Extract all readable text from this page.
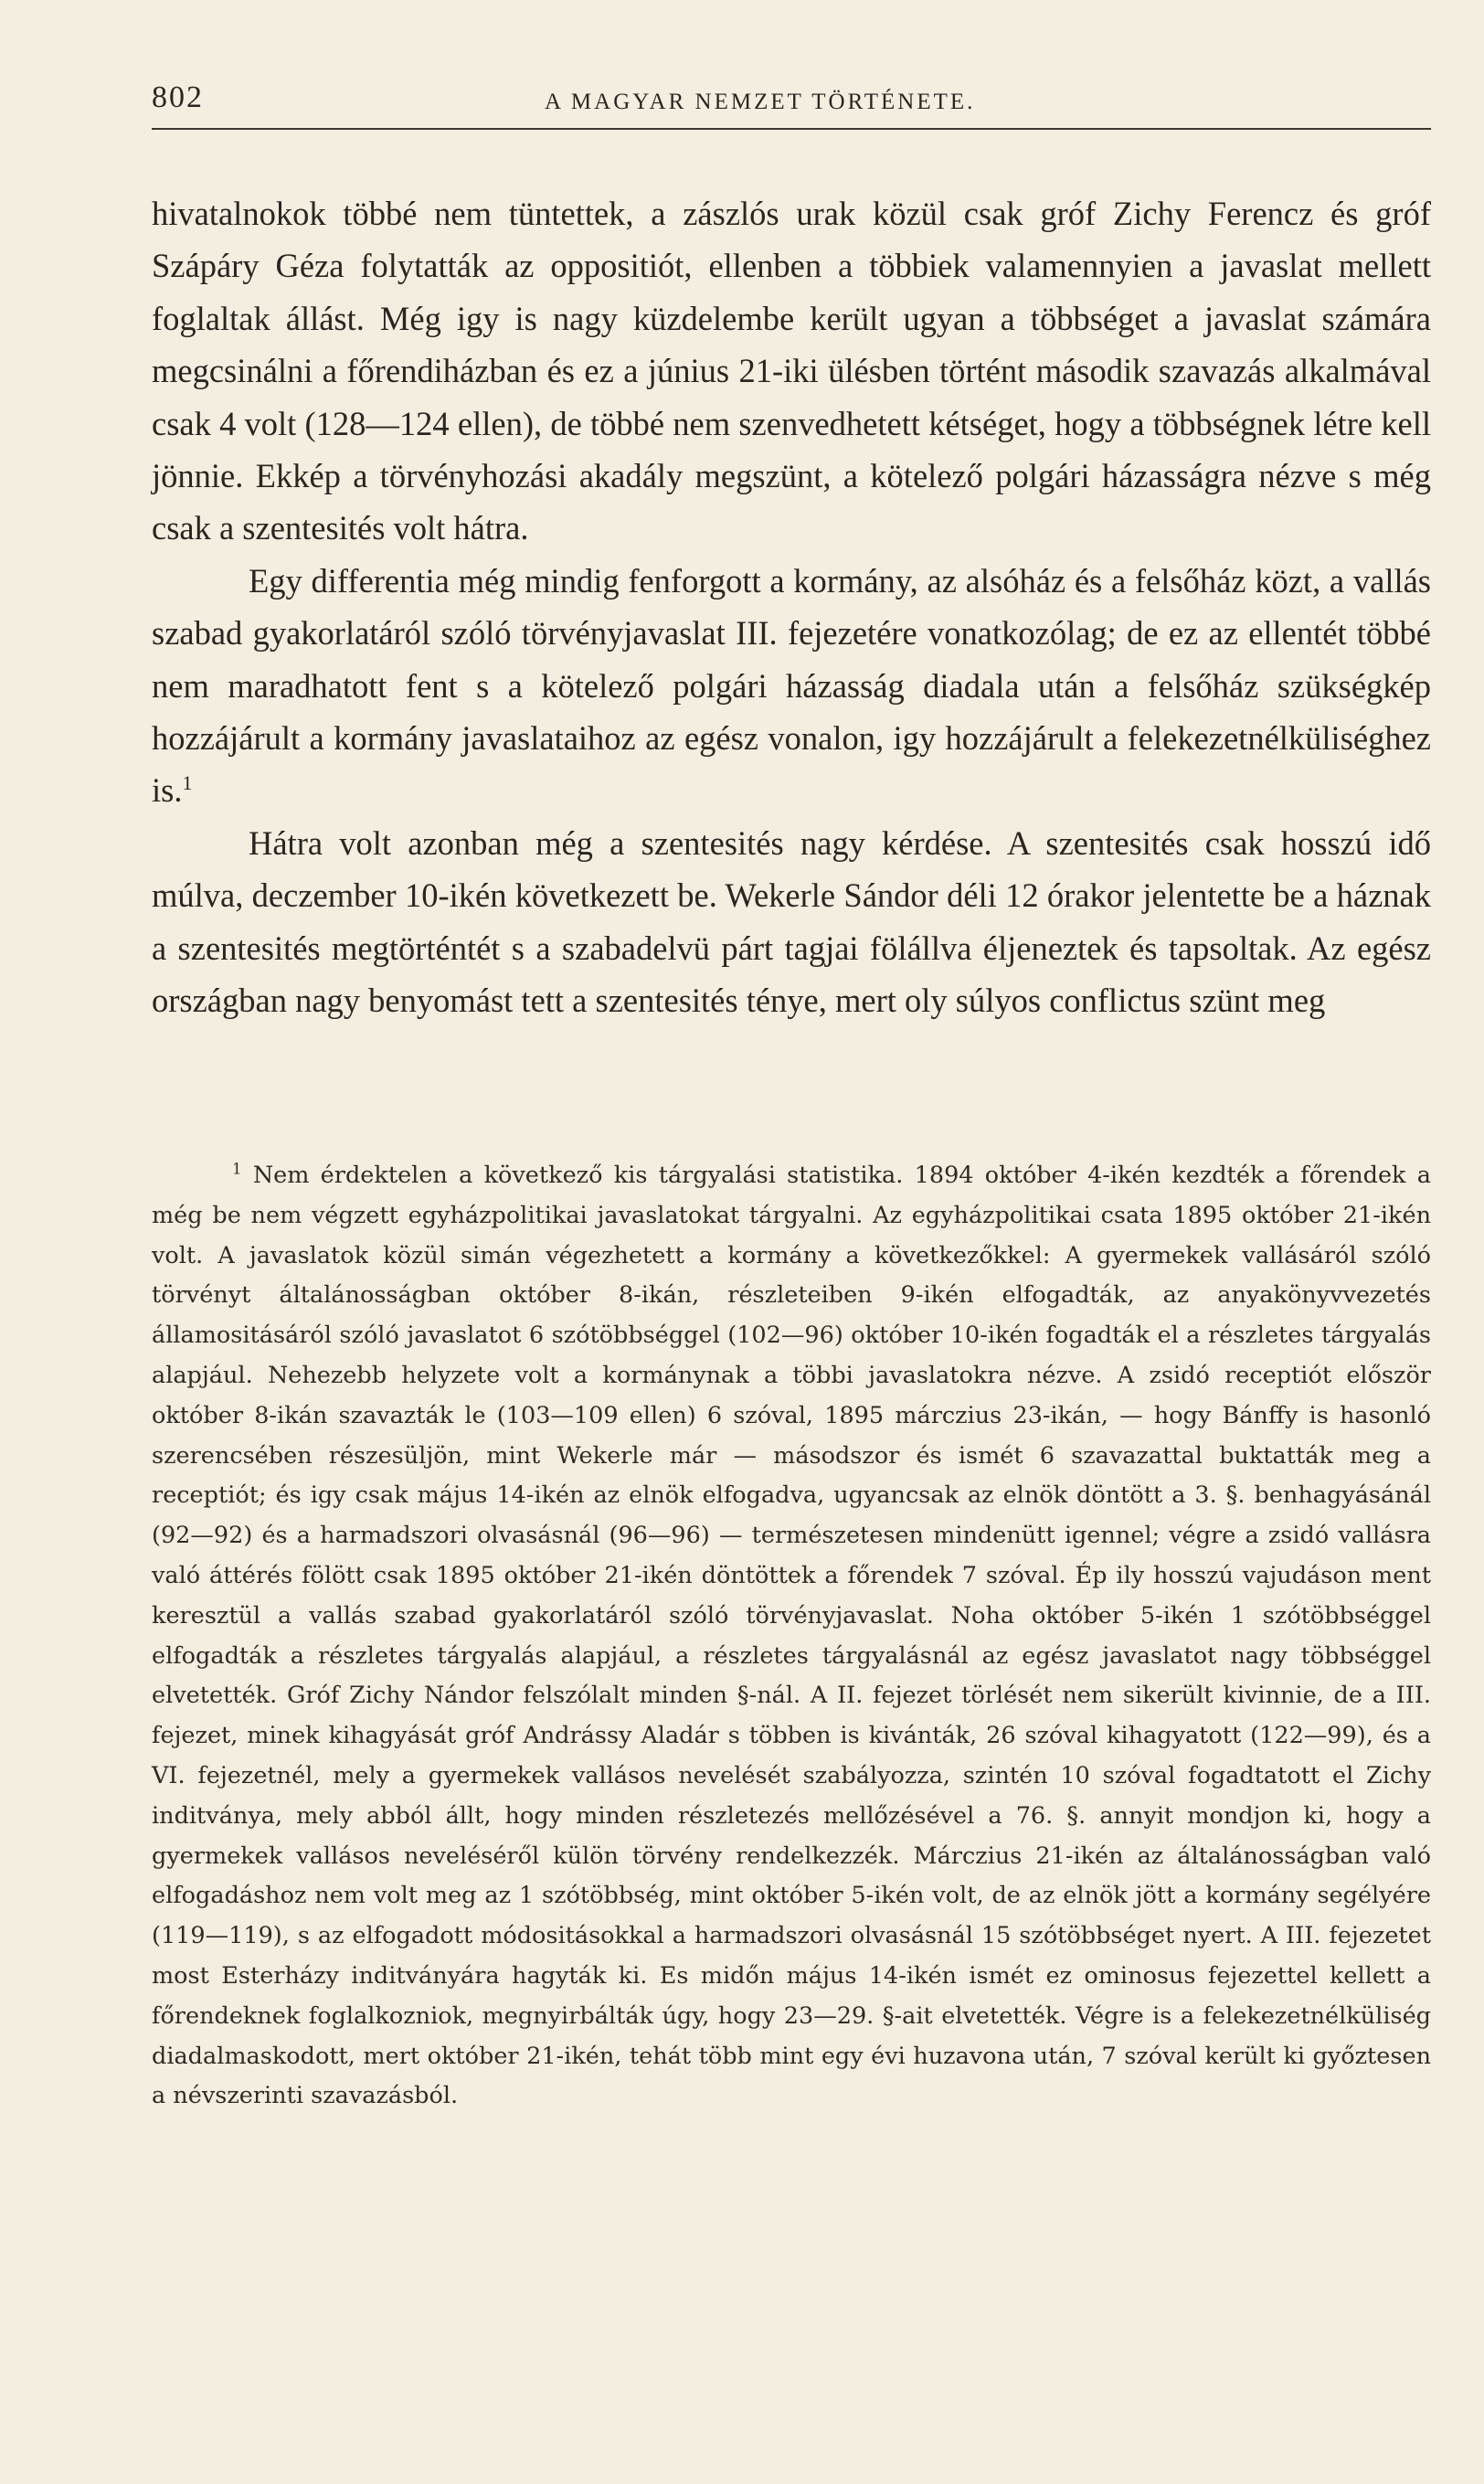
802	A MAGYAR NEMZET TÖRTÉNETE.

hivatalnokok többé nem tüntettek, a zászlós urak közül csak gróf Zichy Ferencz és gróf Szápáry Géza folytatták az oppositiót, ellenben a többiek valamennyien a javaslat mellett foglaltak állást. Még igy is nagy küzdelembe került ugyan a többséget a javaslat számára megcsinálni a főrendiházban és ez a június 21-iki ülésben történt második szavazás alkalmával csak 4 volt (128—124 ellen), de többé nem szenvedhetett kétséget, hogy a többségnek létre kell jönnie. Ekkép a törvényhozási akadály megszünt, a kötelező polgári házasságra nézve s még csak a szentesités volt hátra.

Egy differentia még mindig fenforgott a kormány, az alsóház és a felsőház közt, a vallás szabad gyakorlatáról szóló törvényjavaslat III. fejezetére vonatkozólag; de ez az ellentét többé nem maradhatott fent s a kötelező polgári házasság diadala után a felsőház szükségkép hozzájárult a kormány javaslataihoz az egész vonalon, igy hozzájárult a felekezetnélküliséghez is.$^1$

Hátra volt azonban még a szentesités nagy kérdése. A szentesités csak hosszú idő múlva, deczember 10-ikén következett be. Wekerle Sándor déli 12 órakor jelentette be a háznak a szentesités megtörténtét s a szabadelvü párt tagjai fölállva éljeneztek és tapsoltak. Az egész országban nagy benyomást tett a szentesités ténye, mert oly súlyos conflictus szünt meg

$^1$ Nem érdektelen a következő kis tárgyalási statistika. 1894 október 4-ikén kezdték a főrendek a még be nem végzett egyházpolitikai javaslatokat tárgyalni. Az egyházpolitikai csata 1895 október 21-ikén volt. A javaslatok közül simán végezhetett a kormány a következőkkel: A gyermekek vallásáról szóló törvényt általánosságban október 8-ikán, részleteiben 9-ikén elfogadták, az anyakönyvvezetés államositásáról szóló javaslatot 6 szótöbbséggel (102—96) október 10-ikén fogadták el a részletes tárgyalás alapjául. Nehezebb helyzete volt a kormánynak a többi javaslatokra nézve. A zsidó receptiót először október 8-ikán szavazták le (103—109 ellen) 6 szóval, 1895 márczius 23-ikán, — hogy Bánffy is hasonló szerencsében részesüljön, mint Wekerle már — másodszor és ismét 6 szavazattal buktatták meg a receptiót; és igy csak május 14-ikén az elnök elfogadva, ugyancsak az elnök döntött a 3. §. benhagyásánál (92—92) és a harmadszori olvasásnál (96—96) — természetesen mindenütt igennel; végre a zsidó vallásra való áttérés fölött csak 1895 október 21-ikén döntöttek a főrendek 7 szóval. Ép ily hosszú vajudáson ment keresztül a vallás szabad gyakorlatáról szóló törvényjavaslat. Noha október 5-ikén 1 szótöbbséggel elfogadták a részletes tárgyalás alapjául, a részletes tárgyalásnál az egész javaslatot nagy többséggel elvetették. Gróf Zichy Nándor felszólalt minden §-nál. A II. fejezet törlését nem sikerült kivinnie, de a III. fejezet, minek kihagyását gróf Andrássy Aladár s többen is kivánták, 26 szóval kihagyatott (122—99), és a VI. fejezetnél, mely a gyermekek vallásos nevelését szabályozza, szintén 10 szóval fogadtatott el Zichy inditványa, mely abból állt, hogy minden részletezés mellőzésével a 76. §. annyit mondjon ki, hogy a gyermekek vallásos neveléséről külön törvény rendelkezzék. Márczius 21-ikén az általánosságban való elfogadáshoz nem volt meg az 1 szótöbbség, mint október 5-ikén volt, de az elnök jött a kormány segélyére (119—119), s az elfogadott módositásokkal a harmadszori olvasásnál 15 szótöbbséget nyert. A III. fejezetet most Esterházy inditványára hagyták ki. Es midőn május 14-ikén ismét ez ominosus fejezettel kellett a főrendeknek foglalkozniok, megnyirbálták úgy, hogy 23—29. §-ait elvetették. Végre is a felekezetnélküliség diadalmaskodott, mert október 21-ikén, tehát több mint egy évi huzavona után, 7 szóval került ki győztesen a névszerinti szavazásból.
